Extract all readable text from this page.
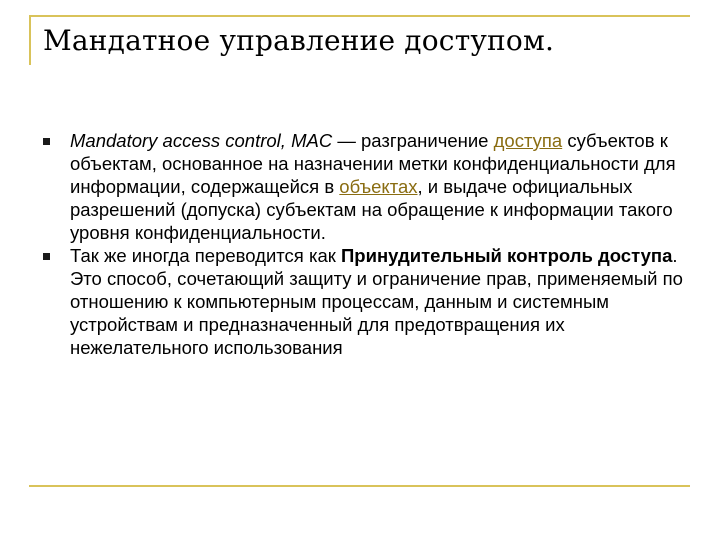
Мандатное управление доступом.
Mandatory access control, MAC — разграничение доступа субъектов к объектам, основанное на назначении метки конфиденциальности для информации, содержащейся в объектах, и выдаче официальных разрешений (допуска) субъектам на обращение к информации такого уровня конфиденциальности.
Так же иногда переводится как Принудительный контроль доступа. Это способ, сочетающий защиту и ограничение прав, применяемый по отношению к компьютерным процессам, данным и системным устройствам и предназначенный для предотвращения их нежелательного использования
